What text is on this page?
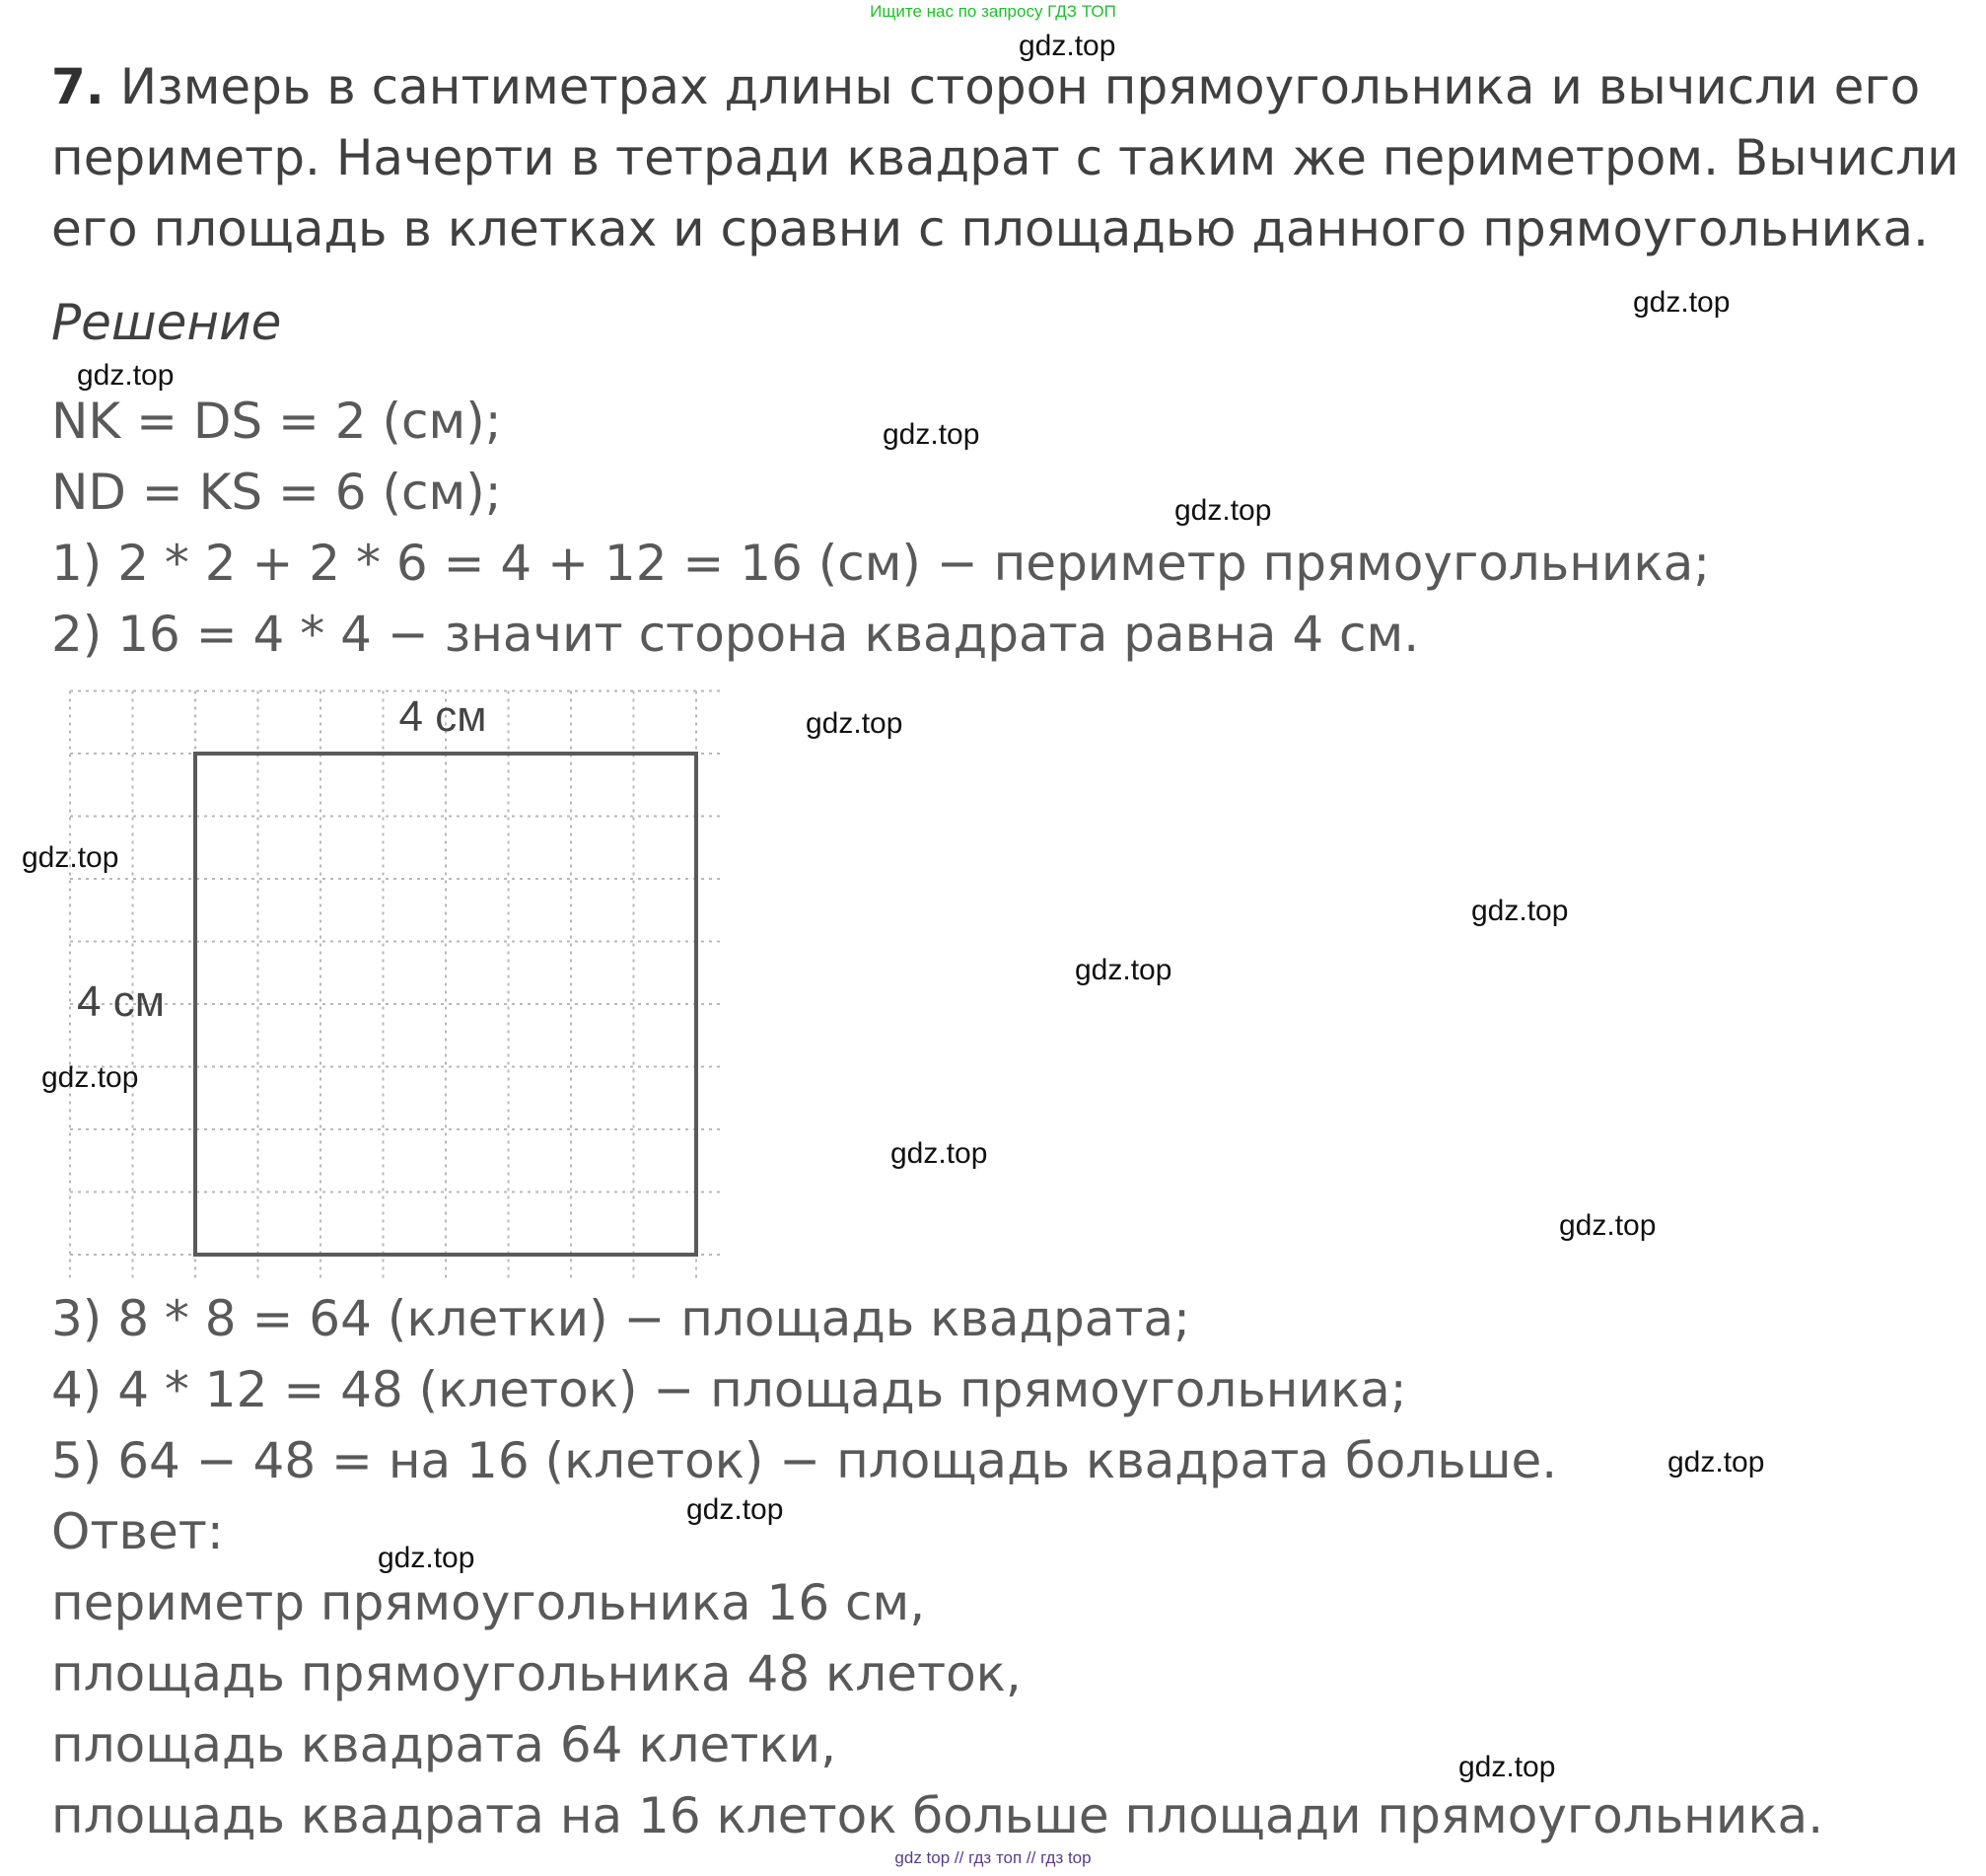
Ищите нас по запросу ГДЗ ТОП
7. Измерь в сантиметрах длины сторон прямоугольника и вычисли его периметр. Начерти в тетради квадрат с таким же периметром. Вычисли его площадь в клетках и сравни с площадью данного прямоугольника.
Решение
NK = DS = 2 (см);
ND = KS = 6 (см);
1) 2 * 2 + 2 * 6 = 4 + 12 = 16 (см) − периметр прямоугольника;
2) 16 = 4 * 4 − значит сторона квадрата равна 4 см.
4 см
4 см
3) 8 * 8 = 64 (клетки) − площадь квадрата;
4) 4 * 12 = 48 (клеток) − площадь прямоугольника;
5) 64 − 48 = на 16 (клеток) − площадь квадрата больше.
Ответ:
периметр прямоугольника 16 см,
площадь прямоугольника 48 клеток,
площадь квадрата 64 клетки,
площадь квадрата на 16 клеток больше площади прямоугольника.
gdz.top
gdz.top
gdz.top
gdz.top
gdz.top
gdz.top
gdz.top
gdz.top
gdz.top
gdz.top
gdz.top
gdz.top
gdz.top
gdz.top
gdz.top
gdz.top
gdz top // гдз топ // гдз top
